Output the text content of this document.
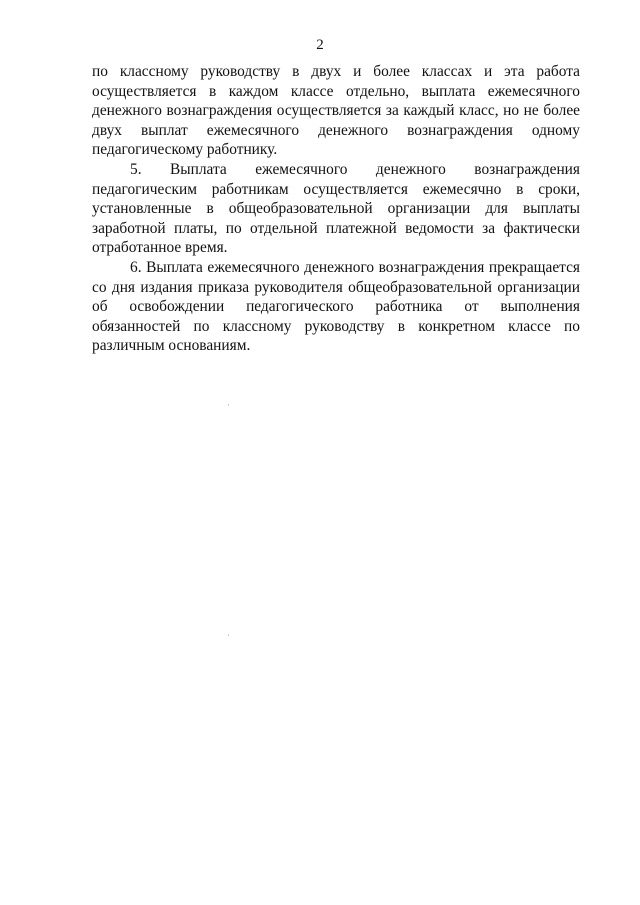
2

по классному руководству в двух и более классах и эта работа осуществляется в каждом классе отдельно, выплата ежемесячного денежного вознаграждения осуществляется за каждый класс, но не более двух выплат ежемесячного денежного вознаграждения одному педагогическому работнику.

5. Выплата ежемесячного денежного вознаграждения педагогическим работникам осуществляется ежемесячно в сроки, установленные в общеобразовательной организации для выплаты заработной платы, по отдельной платежной ведомости за фактически отработанное время.

6. Выплата ежемесячного денежного вознаграждения прекращается со дня издания приказа руководителя общеобразовательной организации об освобождении педагогического работника от выполнения обязанностей по классному руководству в конкретном классе по различным основаниям.
